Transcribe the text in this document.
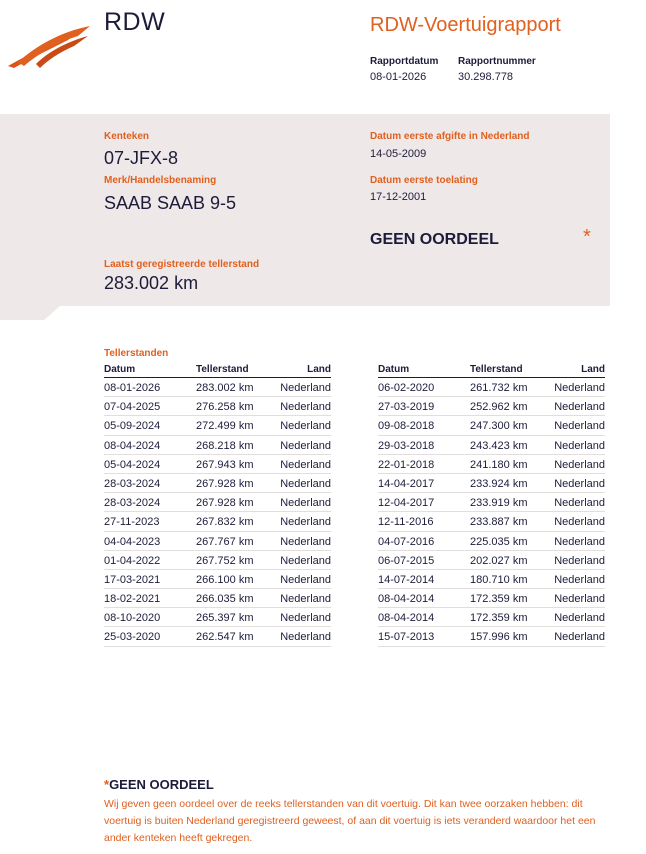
RDW	RDW-Voertuigrapport
Rapportdatum
08-01-2026
Rapportnummer
30.298.778
Kenteken
07-JFX-8
Merk/Handelsbenaming
SAAB SAAB 9-5
Datum eerste afgifte in Nederland
14-05-2009
Datum eerste toelating
17-12-2001
GEEN OORDEEL	*
Laatst geregistreerde tellerstand
283.002 km
Tellerstanden
Datum	Tellerstand	Land
08-01-2026	283.002 km Nederland
07-04-2025	276.258 km Nederland
05-09-2024	272.499 km Nederland
08-04-2024	268.218 km Nederland
05-04-2024	267.943 km Nederland
28-03-2024	267.928 km Nederland
28-03-2024	267.928 km Nederland
27-11-2023	267.832 km Nederland
04-04-2023	267.767 km Nederland
01-04-2022	267.752 km Nederland
17-03-2021	266.100 km Nederland
18-02-2021	266.035 km Nederland
08-10-2020	265.397 km Nederland
25-03-2020	262.547 km Nederland
Datum	Tellerstand	Land
06-02-2020	261.732 km Nederland
27-03-2019	252.962 km Nederland
09-08-2018	247.300 km Nederland
29-03-2018	243.423 km Nederland
22-01-2018	241.180 km Nederland
14-04-2017	233.924 km Nederland
12-04-2017	233.919 km Nederland
12-11-2016	233.887 km Nederland
04-07-2016	225.035 km Nederland
06-07-2015	202.027 km Nederland
14-07-2014	180.710 km Nederland
08-04-2014	172.359 km Nederland
08-04-2014	172.359 km Nederland
15-07-2013	157.996 km Nederland
*GEEN OORDEEL
Wij geven geen oordeel over de reeks tellerstanden van dit voertuig. Dit kan twee oorzaken hebben: dit voertuig is buiten Nederland geregistreerd geweest, of aan dit voertuig is iets veranderd waardoor het een ander kenteken heeft gekregen.
